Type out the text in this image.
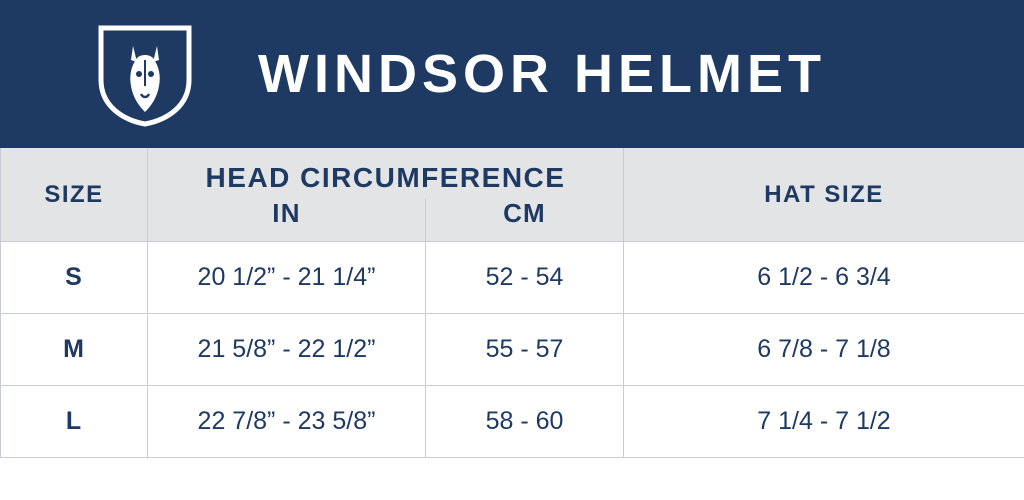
WINDSOR HELMET
SIZE	HEAD CIRCUMFERENCE		HAT SIZE
	IN	CM	
S	20 1/2” - 21 1/4”	52 - 54	6 1/2 - 6 3/4
M	21 5/8” - 22 1/2”	55 - 57	6 7/8 - 7 1/8
L	22 7/8” - 23 5/8”	58 - 60	7 1/4 - 7 1/2
